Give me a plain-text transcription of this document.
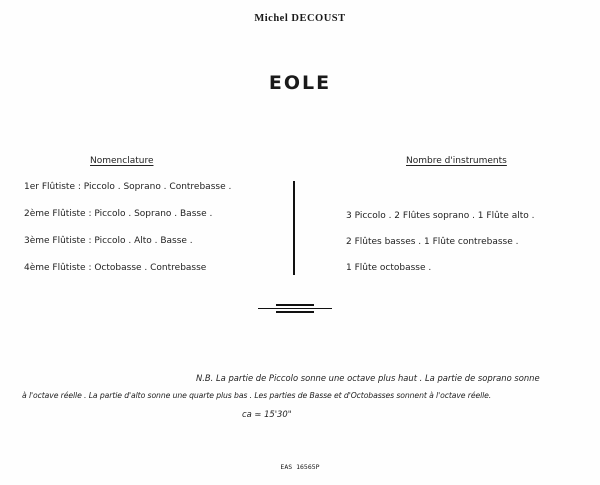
Michel DECOUST
EOLE
Nomenclature
1er Flûtiste : Piccolo . Soprano . Contrebasse .
2ème Flûtiste : Piccolo . Soprano . Basse .
3ème Flûtiste : Piccolo . Alto . Basse .
4ème Flûtiste : Octobasse . Contrebasse
Nombre d'instruments
3 Piccolo . 2 Flûtes soprano . 1 Flûte alto .
2 Flûtes basses . 1 Flûte contrebasse .
1 Flûte octobasse .
N.B. La partie de Piccolo sonne une octave plus haut . La partie de soprano sonne
à l'octave réelle . La partie d'alto sonne une quarte plus bas . Les parties de Basse et d'Octobasses sonnent à l'octave réelle.
ca ≃ 15'30"
EAS 16565P
